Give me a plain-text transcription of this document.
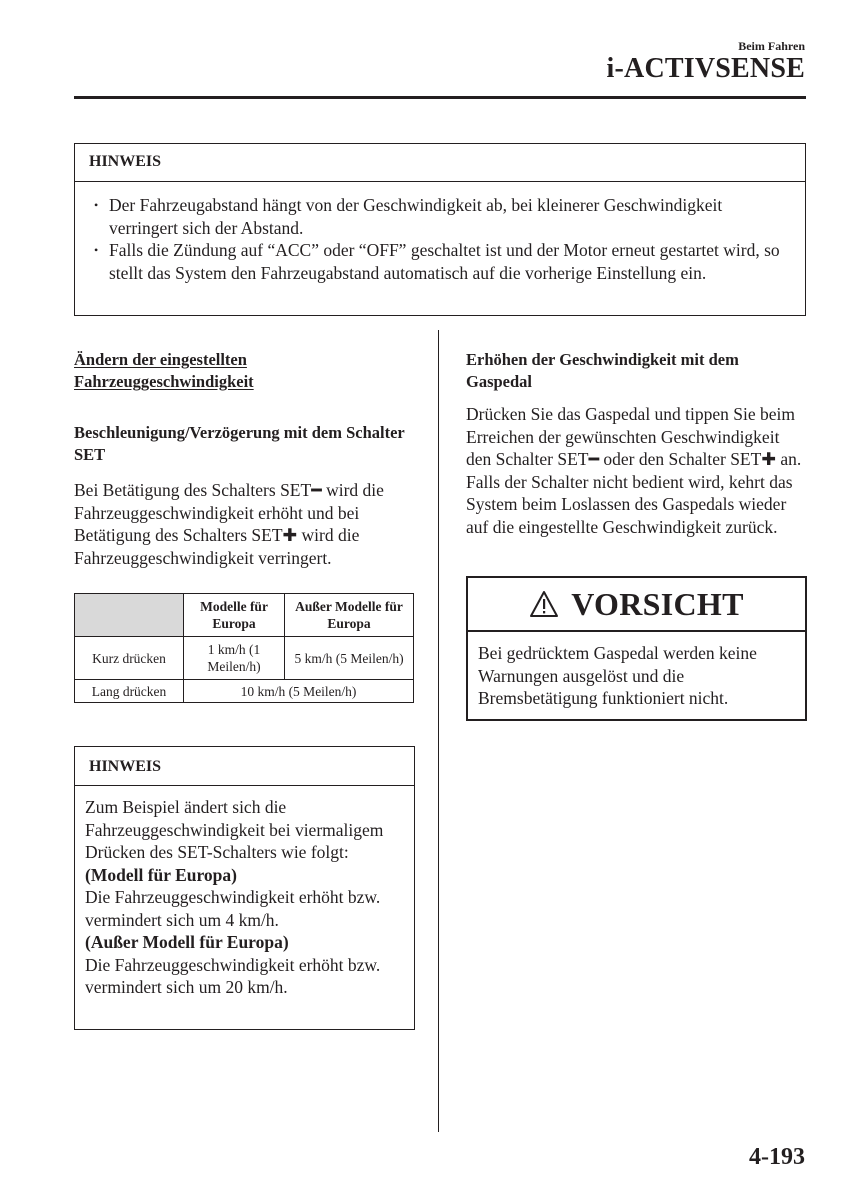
Beim Fahren
i-ACTIVSENSE
HINWEIS
• Der Fahrzeugabstand hängt von der Geschwindigkeit ab, bei kleinerer Geschwindigkeit verringert sich der Abstand.
• Falls die Zündung auf “ACC” oder “OFF” geschaltet ist und der Motor erneut gestartet wird, so stellt das System den Fahrzeugabstand automatisch auf die vorherige Einstellung ein.
Ändern der eingestellten
Fahrzeuggeschwindigkeit
Beschleunigung/Verzögerung mit dem Schalter SET
Bei Betätigung des Schalters SET━ wird die Fahrzeuggeschwindigkeit erhöht und bei Betätigung des Schalters SET✚ wird die Fahrzeuggeschwindigkeit verringert.
	Modelle für Europa	Außer Modelle für Europa
Kurz drücken	1 km/h (1 Meilen/h)	5 km/h (5 Meilen/h)
Lang drücken	10 km/h (5 Meilen/h)	
HINWEIS
Zum Beispiel ändert sich die Fahrzeuggeschwindigkeit bei viermaligem Drücken des SET-Schalters wie folgt:
(Modell für Europa)
Die Fahrzeuggeschwindigkeit erhöht bzw. vermindert sich um 4 km/h.
(Außer Modell für Europa)
Die Fahrzeuggeschwindigkeit erhöht bzw. vermindert sich um 20 km/h.
Erhöhen der Geschwindigkeit mit dem Gaspedal
Drücken Sie das Gaspedal und tippen Sie beim Erreichen der gewünschten Geschwindigkeit den Schalter SET━ oder den Schalter SET✚ an. Falls der Schalter nicht bedient wird, kehrt das System beim Loslassen des Gaspedals wieder auf die eingestellte Geschwindigkeit zurück.
VORSICHT
Bei gedrücktem Gaspedal werden keine Warnungen ausgelöst und die Bremsbetätigung funktioniert nicht.
4-193
